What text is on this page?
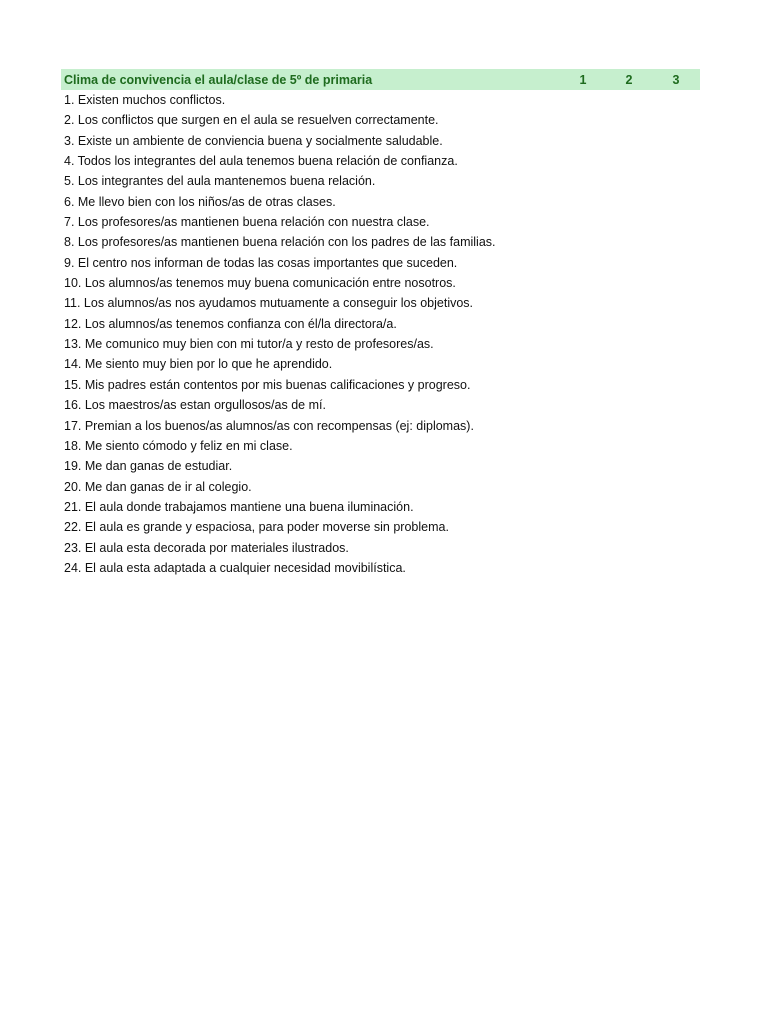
Clima de convivencia el aula/clase de 5º de primaria	1	2	3
1. Existen muchos conflictos.
2. Los conflictos que surgen en el aula se resuelven correctamente.
3. Existe un ambiente de conviencia buena y socialmente saludable.
4. Todos los integrantes del aula tenemos buena relación de confianza.
5. Los integrantes del aula mantenemos buena relación.
6. Me llevo bien con los niños/as de otras clases.
7. Los profesores/as mantienen buena relación con nuestra clase.
8. Los profesores/as mantienen buena relación con los padres de las familias.
9. El centro nos informan de todas las cosas importantes que suceden.
10. Los alumnos/as tenemos muy buena comunicación entre nosotros.
11. Los alumnos/as nos ayudamos mutuamente a conseguir los objetivos.
12. Los alumnos/as tenemos confianza con él/la directora/a.
13. Me comunico muy bien con mi tutor/a y resto de profesores/as.
14. Me siento muy bien por lo que he aprendido.
15. Mis padres están contentos por mis buenas calificaciones y progreso.
16. Los maestros/as estan orgullosos/as de mí.
17. Premian a los buenos/as alumnos/as con recompensas (ej: diplomas).
18. Me siento cómodo y feliz en mi clase.
19. Me dan ganas de estudiar.
20. Me dan ganas de ir al colegio.
21. El aula donde trabajamos mantiene una buena iluminación.
22. El aula es grande y espaciosa, para poder moverse sin problema.
23. El aula esta decorada por materiales ilustrados.
24. El aula esta adaptada a cualquier necesidad movibilística.
